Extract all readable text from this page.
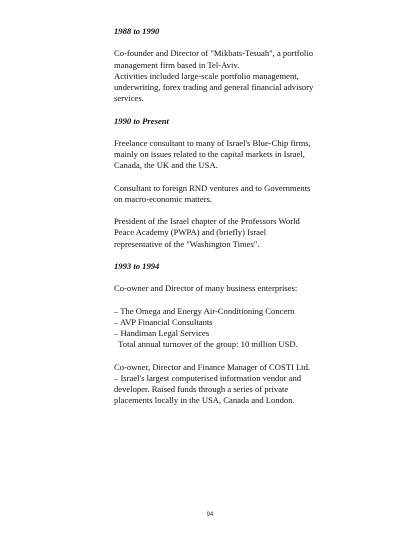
1988 to 1990
Co-founder and Director of "Mikbats-Tesuah", a portfolio
management firm based in Tel-Aviv.
Activities included large-scale portfolio management,
underwriting, forex trading and general financial advisory
services.
1990 to Present
Freelance consultant to many of Israel's Blue-Chip firms,
mainly on issues related to the capital markets in Israel,
Canada, the UK and the USA.
Consultant to foreign RND ventures and to Governments
on macro-economic matters.
President of the Israel chapter of the Professors World
Peace Academy (PWPA) and (briefly) Israel
representative of the "Washington Times".
1993 to 1994
Co-owner and Director of many business enterprises:
– The Omega and Energy Air-Conditioning Concern
– AVP Financial Consultants
– Handiman Legal Services
Total annual turnover of the group: 10 million USD.
Co-owner, Director and Finance Manager of COSTI Ltd.
– Israel's largest computerised information vendor and
developer. Raised funds through a series of private
placements locally in the USA, Canada and London.
94
